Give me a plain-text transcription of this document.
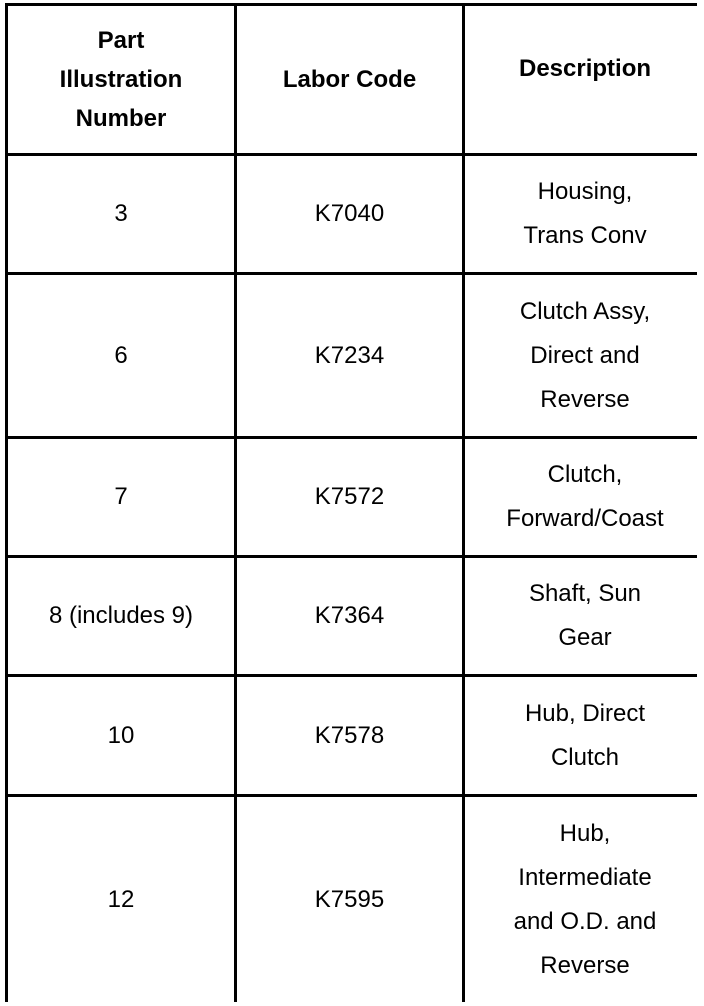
Part
Illustration
Number	Labor Code	Description
3	K7040	Housing,
Trans Conv
6	K7234	Clutch Assy,
Direct and
Reverse
7	K7572	Clutch,
Forward/Coast
8 (includes 9)	K7364	Shaft, Sun
Gear
10	K7578	Hub, Direct
Clutch
12	K7595	Hub,
Intermediate
and O.D. and
Reverse
